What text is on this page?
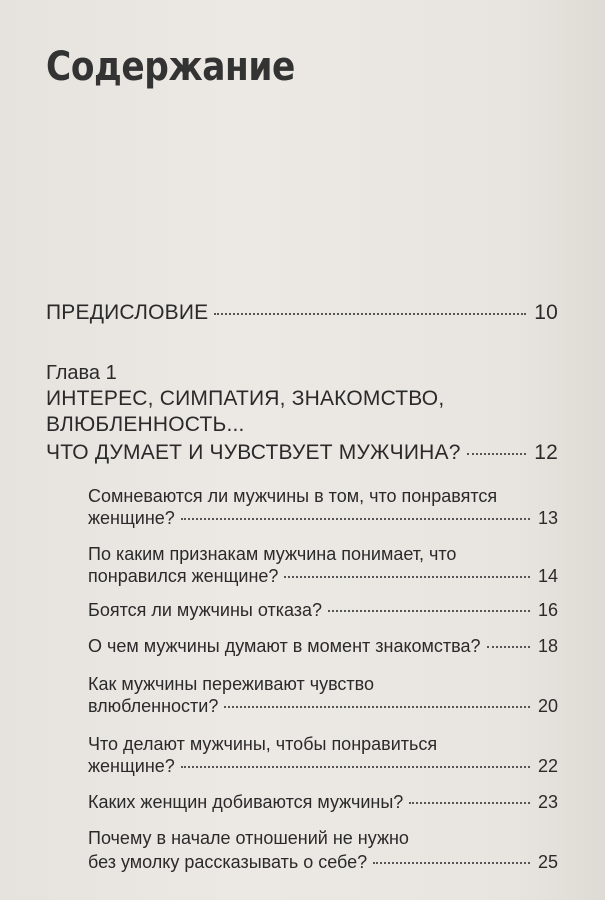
Содержание
ПРЕДИСЛОВИЕ	10
Глава 1
ИНТЕРЕС, СИМПАТИЯ, ЗНАКОМСТВО,
ВЛЮБЛЕННОСТЬ...
ЧТО ДУМАЕТ И ЧУВСТВУЕТ МУЖЧИНА?	12
Сомневаются ли мужчины в том, что понравятся
женщине?	13
По каким признакам мужчина понимает, что
понравился женщине?	14
Боятся ли мужчины отказа?	16
О чем мужчины думают в момент знакомства?	18
Как мужчины переживают чувство
влюбленности?	20
Что делают мужчины, чтобы понравиться
женщине?	22
Каких женщин добиваются мужчины?	23
Почему в начале отношений не нужно
без умолку рассказывать о себе?	25
